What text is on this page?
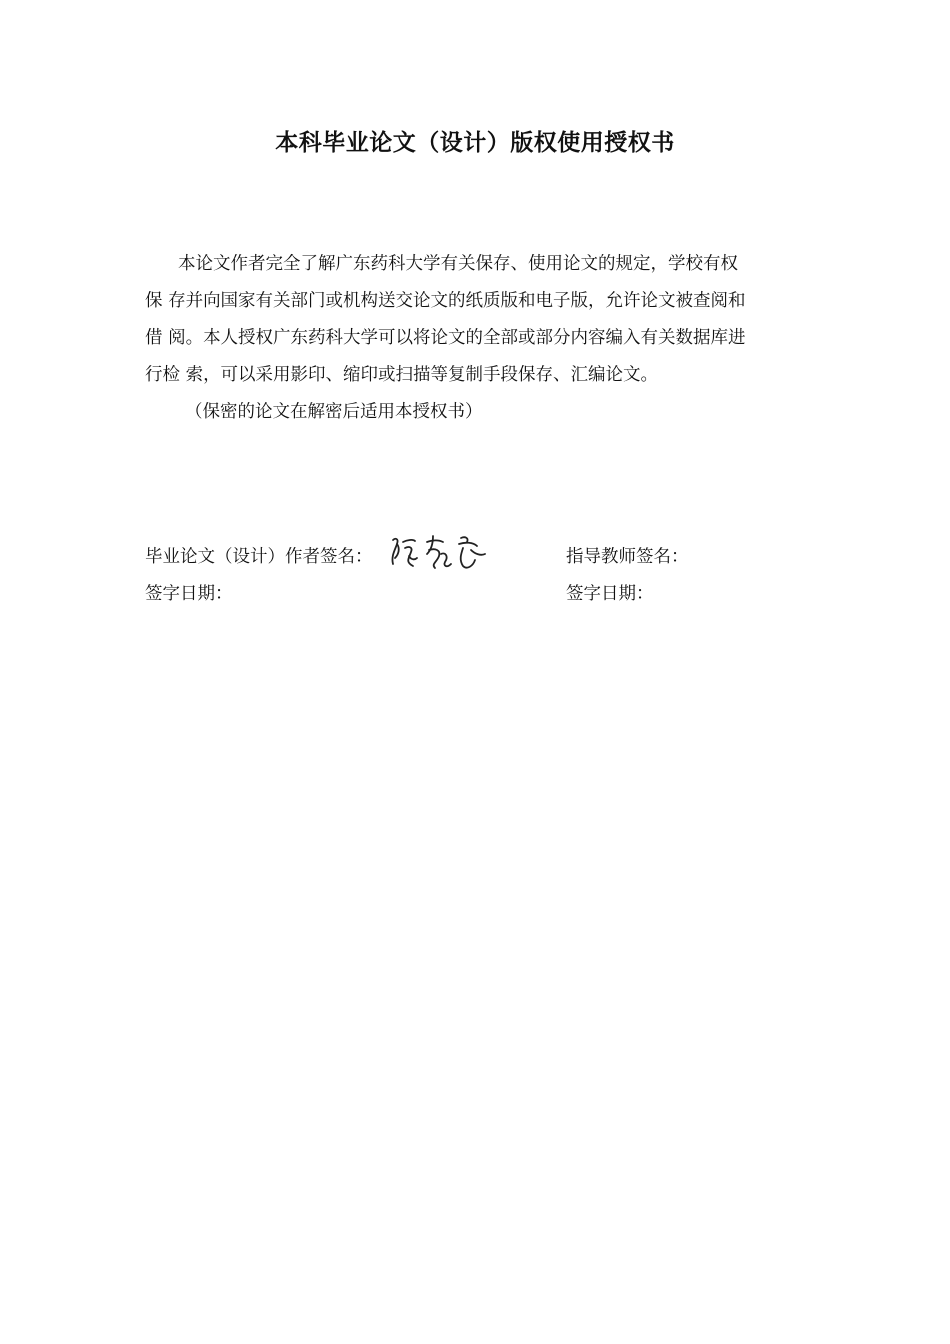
本科毕业论文（设计）版权使用授权书
本论文作者完全了解广东药科大学有关保存、使用论文的规定，学校有权
保 存并向国家有关部门或机构送交论文的纸质版和电子版，允许论文被查阅和
借 阅。本人授权广东药科大学可以将论文的全部或部分内容编入有关数据库进
行检 索，可以采用影印、缩印或扫描等复制手段保存、汇编论文。
（保密的论文在解密后适用本授权书）
毕业论文（设计）作者签名：	指导教师签名：
签字日期：	签字日期：
